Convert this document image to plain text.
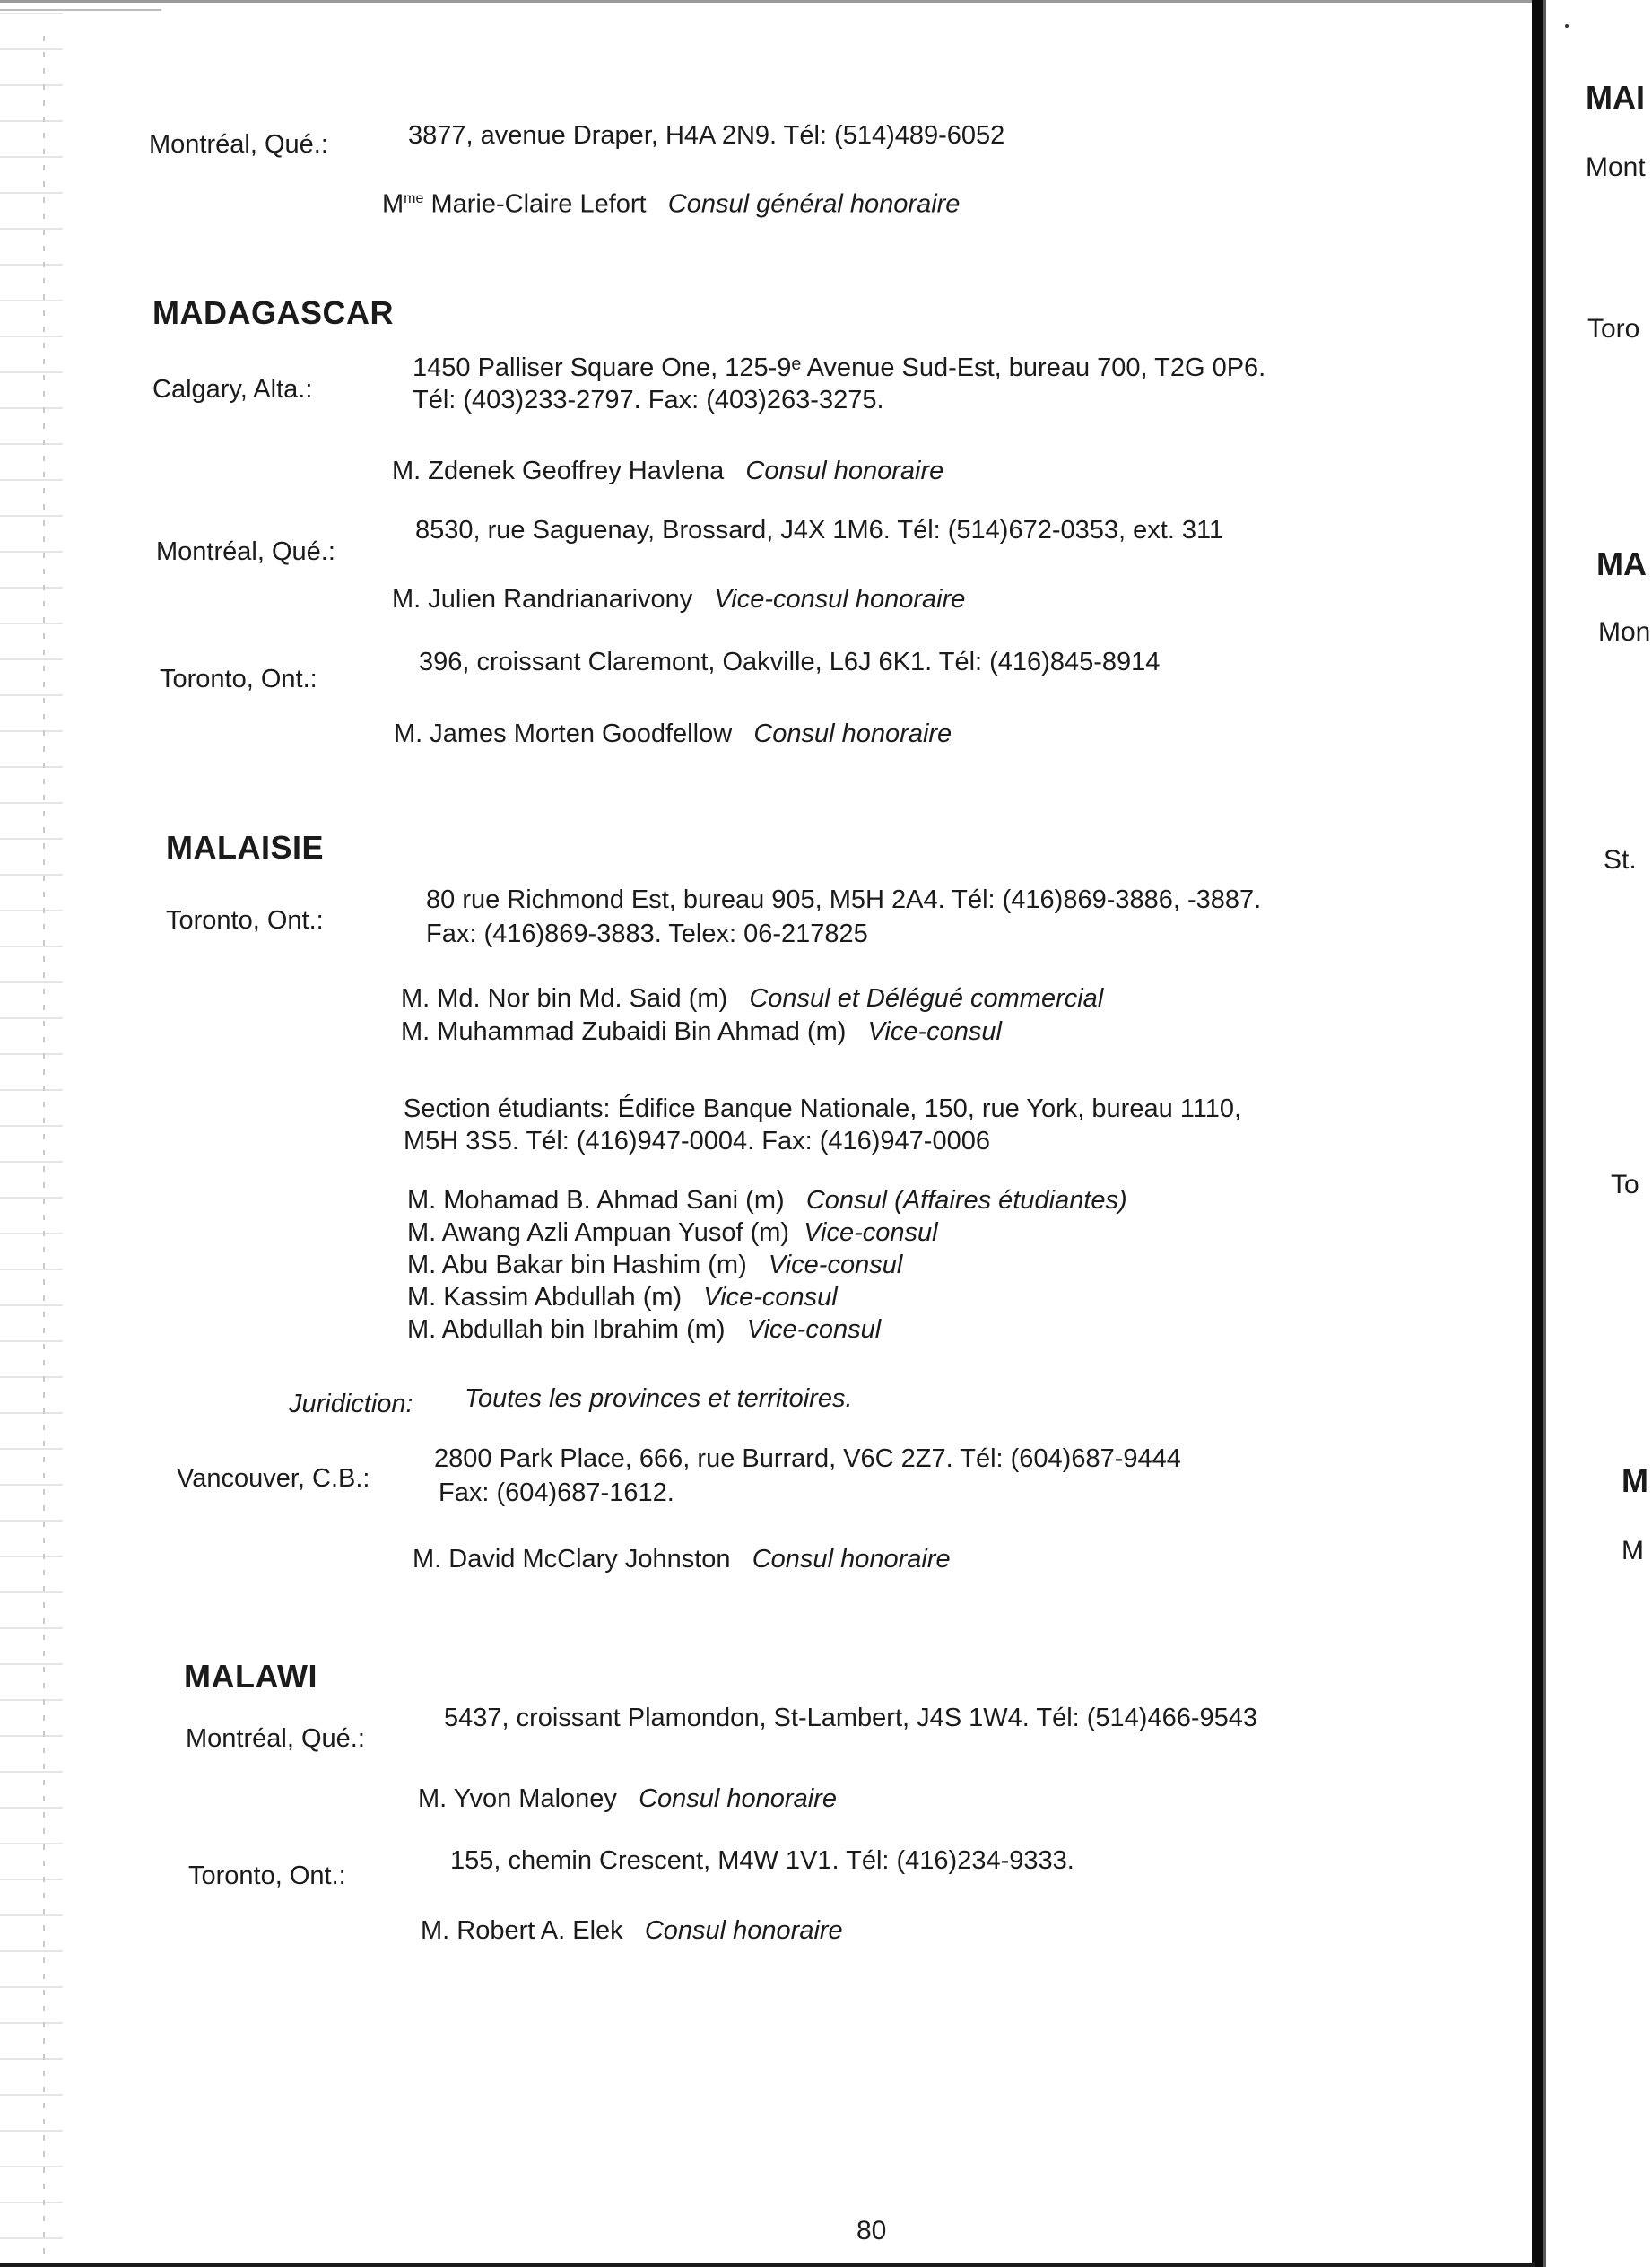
Montréal, Qué.:	3877, avenue Draper, H4A 2N9. Tél: (514)489-6052
$M^{me}$ Marie-Claire Lefort Consul général honoraire
MADAGASCAR
Calgary, Alta.:
1450 Palliser Square One, 125-9ᵉ Avenue Sud-Est, bureau 700, T2G 0P6.
Tél: (403)233-2797. Fax: (403)263-3275.
M. Zdenek Geoffrey Havlena Consul honoraire
Montréal, Qué.:
8530, rue Saguenay, Brossard, J4X 1M6. Tél: (514)672-0353, ext. 311
M. Julien Randrianarivony Vice-consul honoraire
Toronto, Ont.:
396, croissant Claremont, Oakville, L6J 6K1. Tél: (416)845-8914
M. James Morten Goodfellow Consul honoraire
MALAISIE
Toronto, Ont.:
80 rue Richmond Est, bureau 905, M5H 2A4. Tél: (416)869-3886, -3887.
Fax: (416)869-3883. Telex: 06-217825
M. Md. Nor bin Md. Said (m) Consul et Délégué commercial
M. Muhammad Zubaidi Bin Ahmad (m) Vice-consul
Section étudiants: Édifice Banque Nationale, 150, rue York, bureau 1110,
M5H 3S5. Tél: (416)947-0004. Fax: (416)947-0006
M. Mohamad B. Ahmad Sani (m) Consul (Affaires étudiantes)
M. Awang Azli Ampuan Yusof (m) Vice-consul
M. Abu Bakar bin Hashim (m) Vice-consul
M. Kassim Abdullah (m) Vice-consul
M. Abdullah bin Ibrahim (m) Vice-consul
Juridiction: Toutes les provinces et territoires.
Vancouver, C.B.:
2800 Park Place, 666, rue Burrard, V6C 2Z7. Tél: (604)687-9444
Fax: (604)687-1612.
M. David McClary Johnston Consul honoraire
MALAWI
Montréal, Qué.:
5437, croissant Plamondon, St-Lambert, J4S 1W4. Tél: (514)466-9543
M. Yvon Maloney Consul honoraire
Toronto, Ont.:
155, chemin Crescent, M4W 1V1. Tél: (416)234-9333.
M. Robert A. Elek Consul honoraire
80
MAI
Mont
Toro
MA
Mon
St.
To
M
M
